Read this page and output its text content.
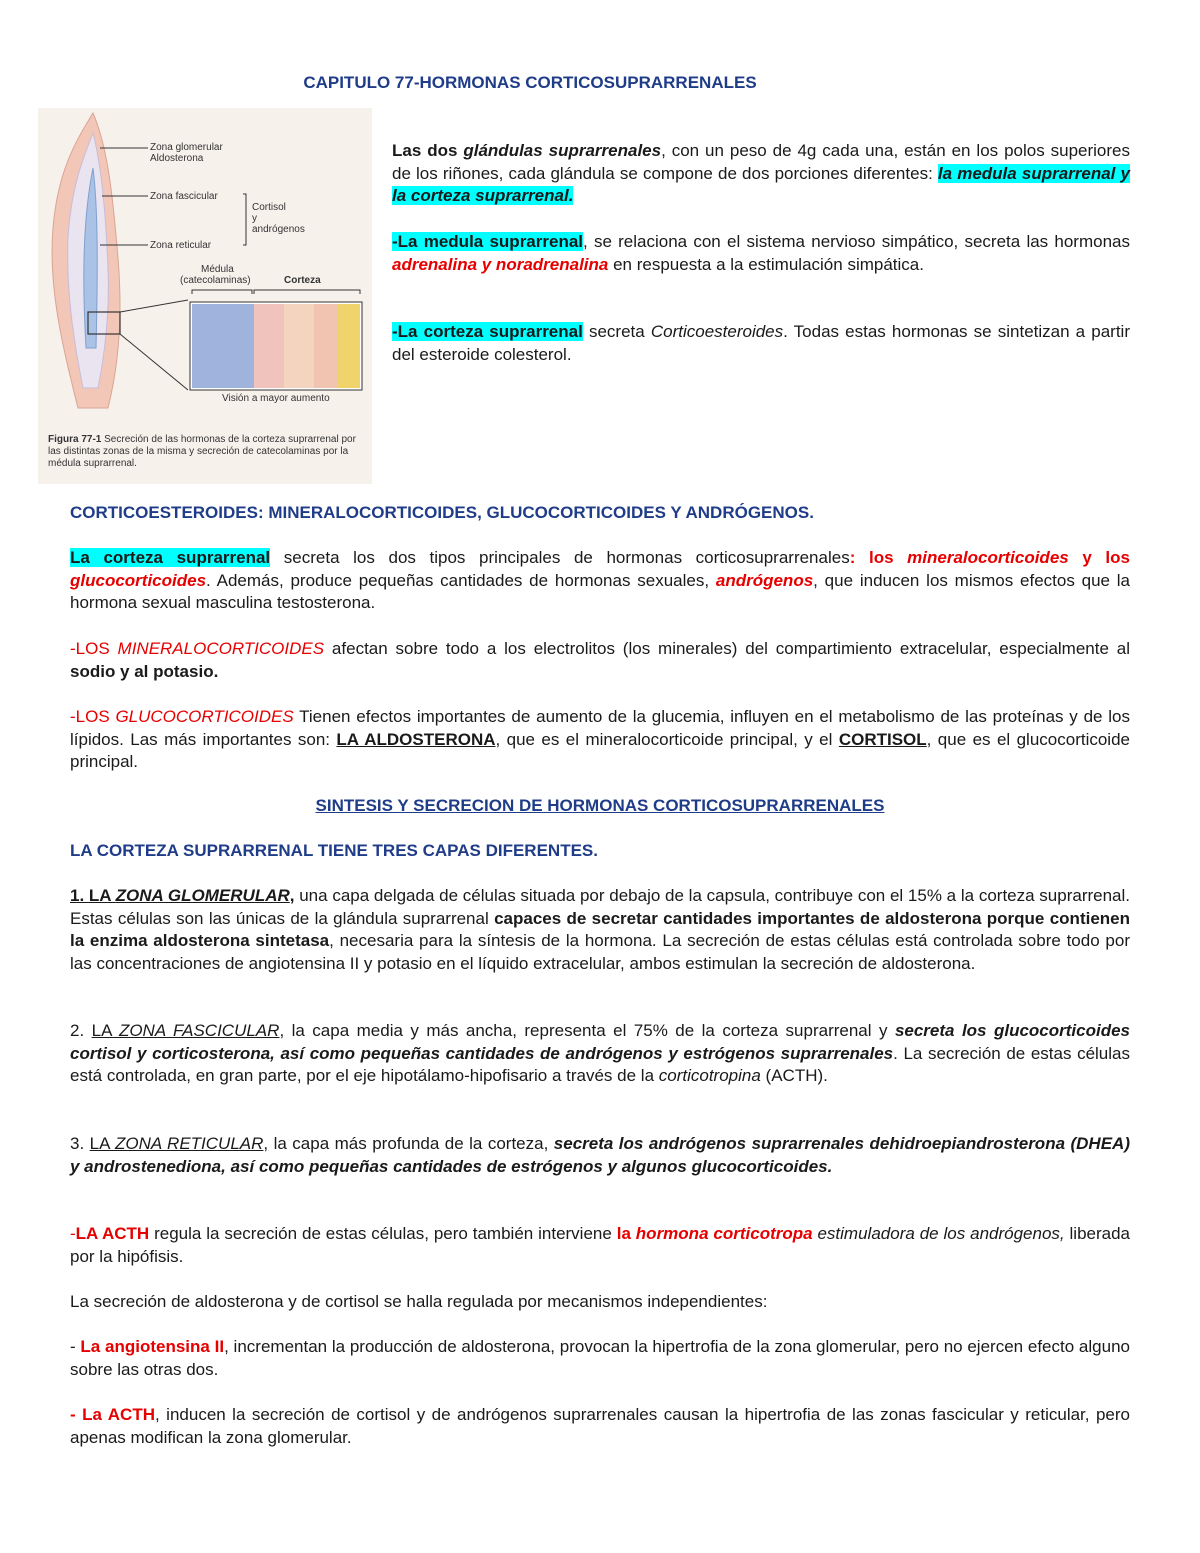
CAPITULO 77-HORMONAS CORTICOSUPRARRENALES
Zona glomerular
Aldosterona
Zona fascicular
Cortisol
y
andrógenos
Zona reticular
Médula
(catecolaminas)	Corteza
Visión a mayor aumento
Figura 77-1 Secreción de las hormonas de la corteza suprarrenal por las distintas zonas de la misma y secreción de catecolaminas por la médula suprarrenal.

Las dos glándulas suprarrenales, con un peso de 4g cada una, están en los polos superiores de los riñones, cada glándula se compone de dos porciones diferentes: la medula suprarrenal y la corteza suprarrenal.

-La medula suprarrenal, se relaciona con el sistema nervioso simpático, secreta las hormonas adrenalina y noradrenalina en respuesta a la estimulación simpática.

-La corteza suprarrenal secreta Corticoesteroides. Todas estas hormonas se sintetizan a partir del esteroide colesterol.

CORTICOESTEROIDES: MINERALOCORTICOIDES, GLUCOCORTICOIDES Y ANDRÓGENOS.

La corteza suprarrenal secreta los dos tipos principales de hormonas corticosuprarrenales: los mineralocorticoides y los glucocorticoides. Además, produce pequeñas cantidades de hormonas sexuales, andrógenos, que inducen los mismos efectos que la hormona sexual masculina testosterona.

-LOS MINERALOCORTICOIDES afectan sobre todo a los electrolitos (los minerales) del compartimiento extracelular, especialmente al sodio y al potasio.

-LOS GLUCOCORTICOIDES Tienen efectos importantes de aumento de la glucemia, influyen en el metabolismo de las proteínas y de los lípidos. Las más importantes son: LA ALDOSTERONA, que es el mineralocorticoide principal, y el CORTISOL, que es el glucocorticoide principal.

SINTESIS Y SECRECION DE HORMONAS CORTICOSUPRARRENALES

LA CORTEZA SUPRARRENAL TIENE TRES CAPAS DIFERENTES.

1. LA ZONA GLOMERULAR, una capa delgada de células situada por debajo de la capsula, contribuye con el 15% a la corteza suprarrenal. Estas células son las únicas de la glándula suprarrenal capaces de secretar cantidades importantes de aldosterona porque contienen la enzima aldosterona sintetasa, necesaria para la síntesis de la hormona. La secreción de estas células está controlada sobre todo por las concentraciones de angiotensina II y potasio en el líquido extracelular, ambos estimulan la secreción de aldosterona.

2. LA ZONA FASCICULAR, la capa media y más ancha, representa el 75% de la corteza suprarrenal y secreta los glucocorticoides cortisol y corticosterona, así como pequeñas cantidades de andrógenos y estrógenos suprarrenales. La secreción de estas células está controlada, en gran parte, por el eje hipotálamo-hipofisario a través de la corticotropina (ACTH).

3. LA ZONA RETICULAR, la capa más profunda de la corteza, secreta los andrógenos suprarrenales dehidroepiandrosterona (DHEA) y androstenediona, así como pequeñas cantidades de estrógenos y algunos glucocorticoides.

-LA ACTH regula la secreción de estas células, pero también interviene la hormona corticotropa estimuladora de los andrógenos, liberada por la hipófisis.

La secreción de aldosterona y de cortisol se halla regulada por mecanismos independientes:

- La angiotensina II, incrementan la producción de aldosterona, provocan la hipertrofia de la zona glomerular, pero no ejercen efecto alguno sobre las otras dos.

- La ACTH, inducen la secreción de cortisol y de andrógenos suprarrenales causan la hipertrofia de las zonas fascicular y reticular, pero apenas modifican la zona glomerular.
